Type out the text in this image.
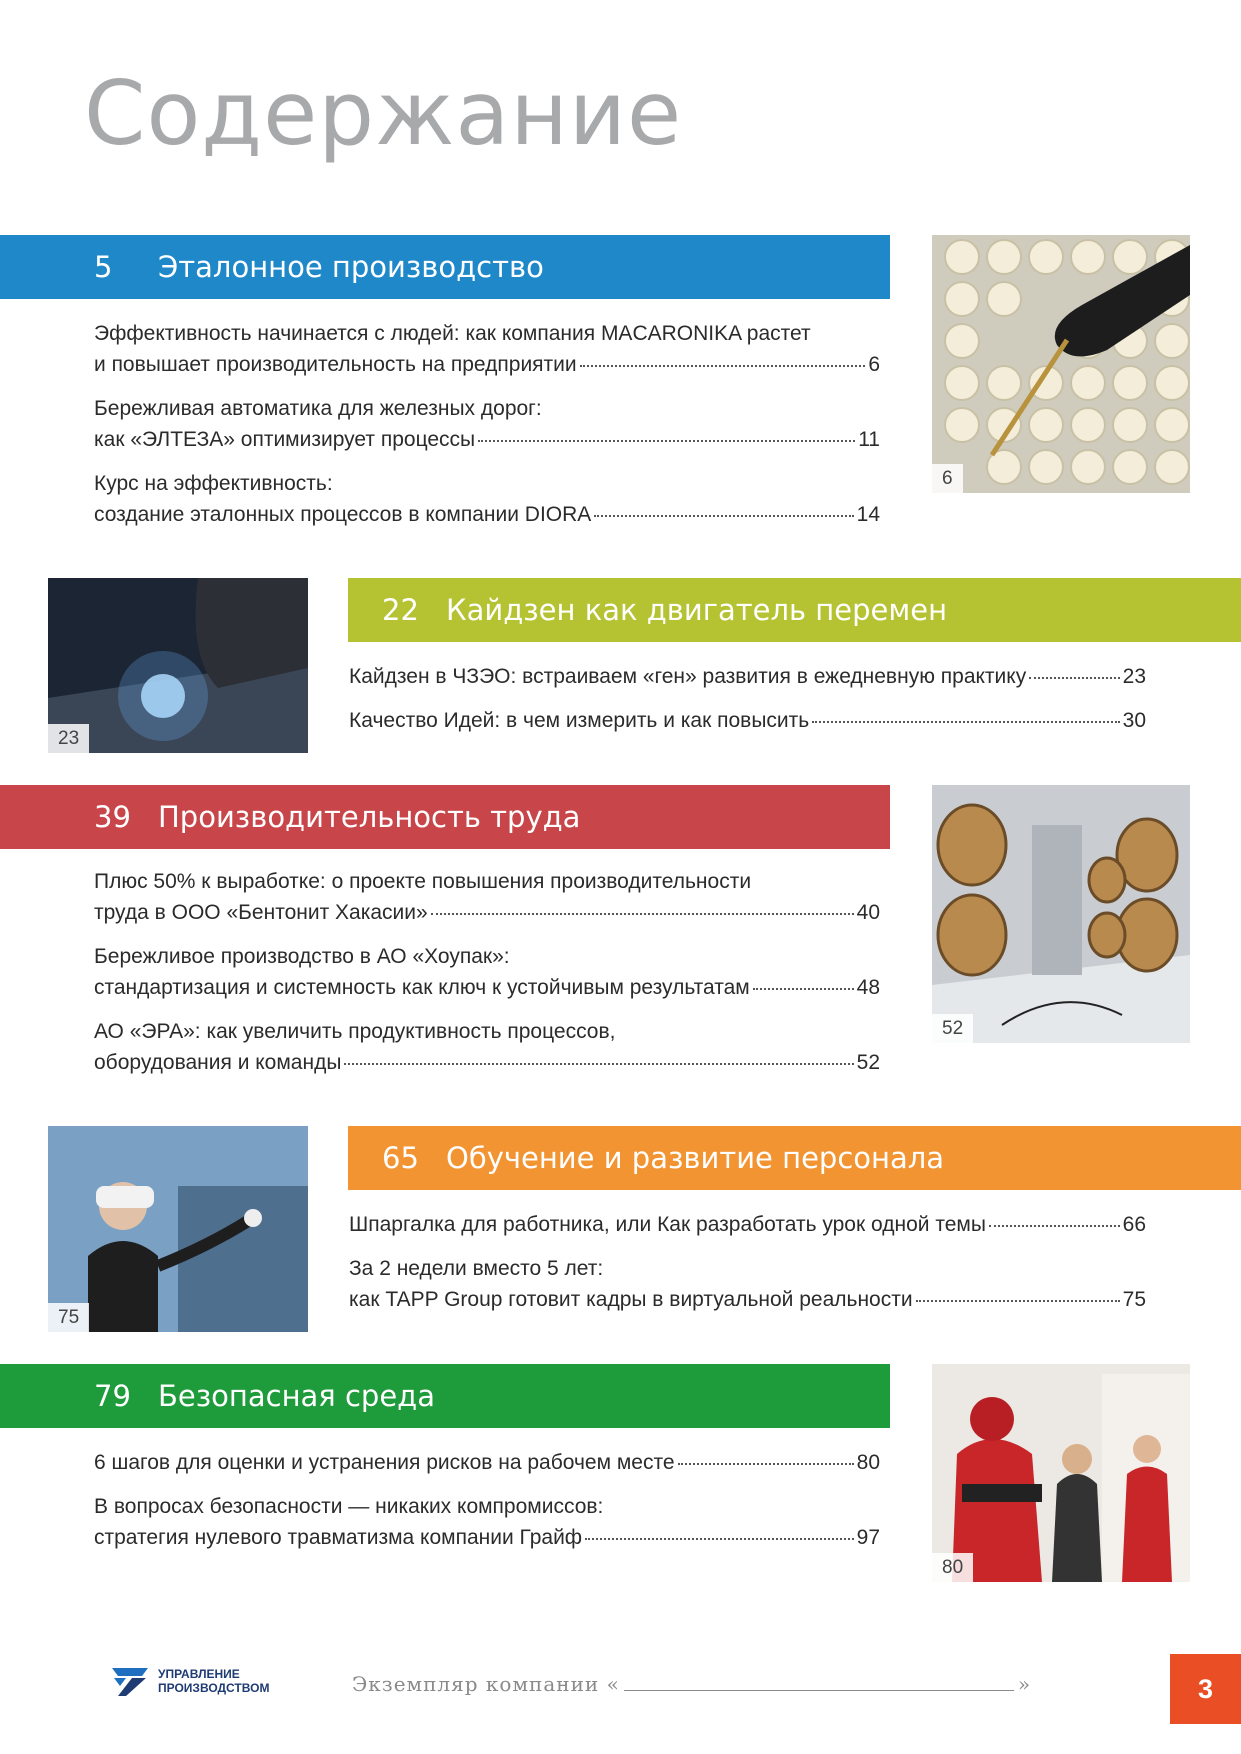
Содержание
5	Эталонное производство
Эффективность начинается с людей: как компания MACARONIKA растет
и повышает производительность на предприятии	6
Бережливая автоматика для железных дорог:
как «ЭЛТЕЗА» оптимизирует процессы	11
Курс на эффективность:
создание эталонных процессов в компании DIORA	14
6
23
22 Кайдзен как двигатель перемен
Кайдзен в ЧЗЭО: встраиваем «ген» развития в ежедневную практику	23
Качество Идей: в чем измерить и как повысить	30
39 Производительность труда
Плюс 50% к выработке: о проекте повышения производительности
труда в ООО «Бентонит Хакасии»	40
Бережливое производство в АО «Хоупак»:
стандартизация и системность как ключ к устойчивым результатам	48
АО «ЭРА»: как увеличить продуктивность процессов,
оборудования и команды	52
52
75
65 Обучение и развитие персонала
Шпаргалка для работника, или Как разработать урок одной темы	66
За 2 недели вместо 5 лет:
как TAPP Group готовит кадры в виртуальной реальности	75
79 Безопасная среда
6 шагов для оценки и устранения рисков на рабочем месте	80
В вопросах безопасности — никаких компромиссов:
стратегия нулевого травматизма компании Грайф	97
80
УПРАВЛЕНИЕ ПРОИЗВОДСТВОМ	Экземпляр компании «	»	3
